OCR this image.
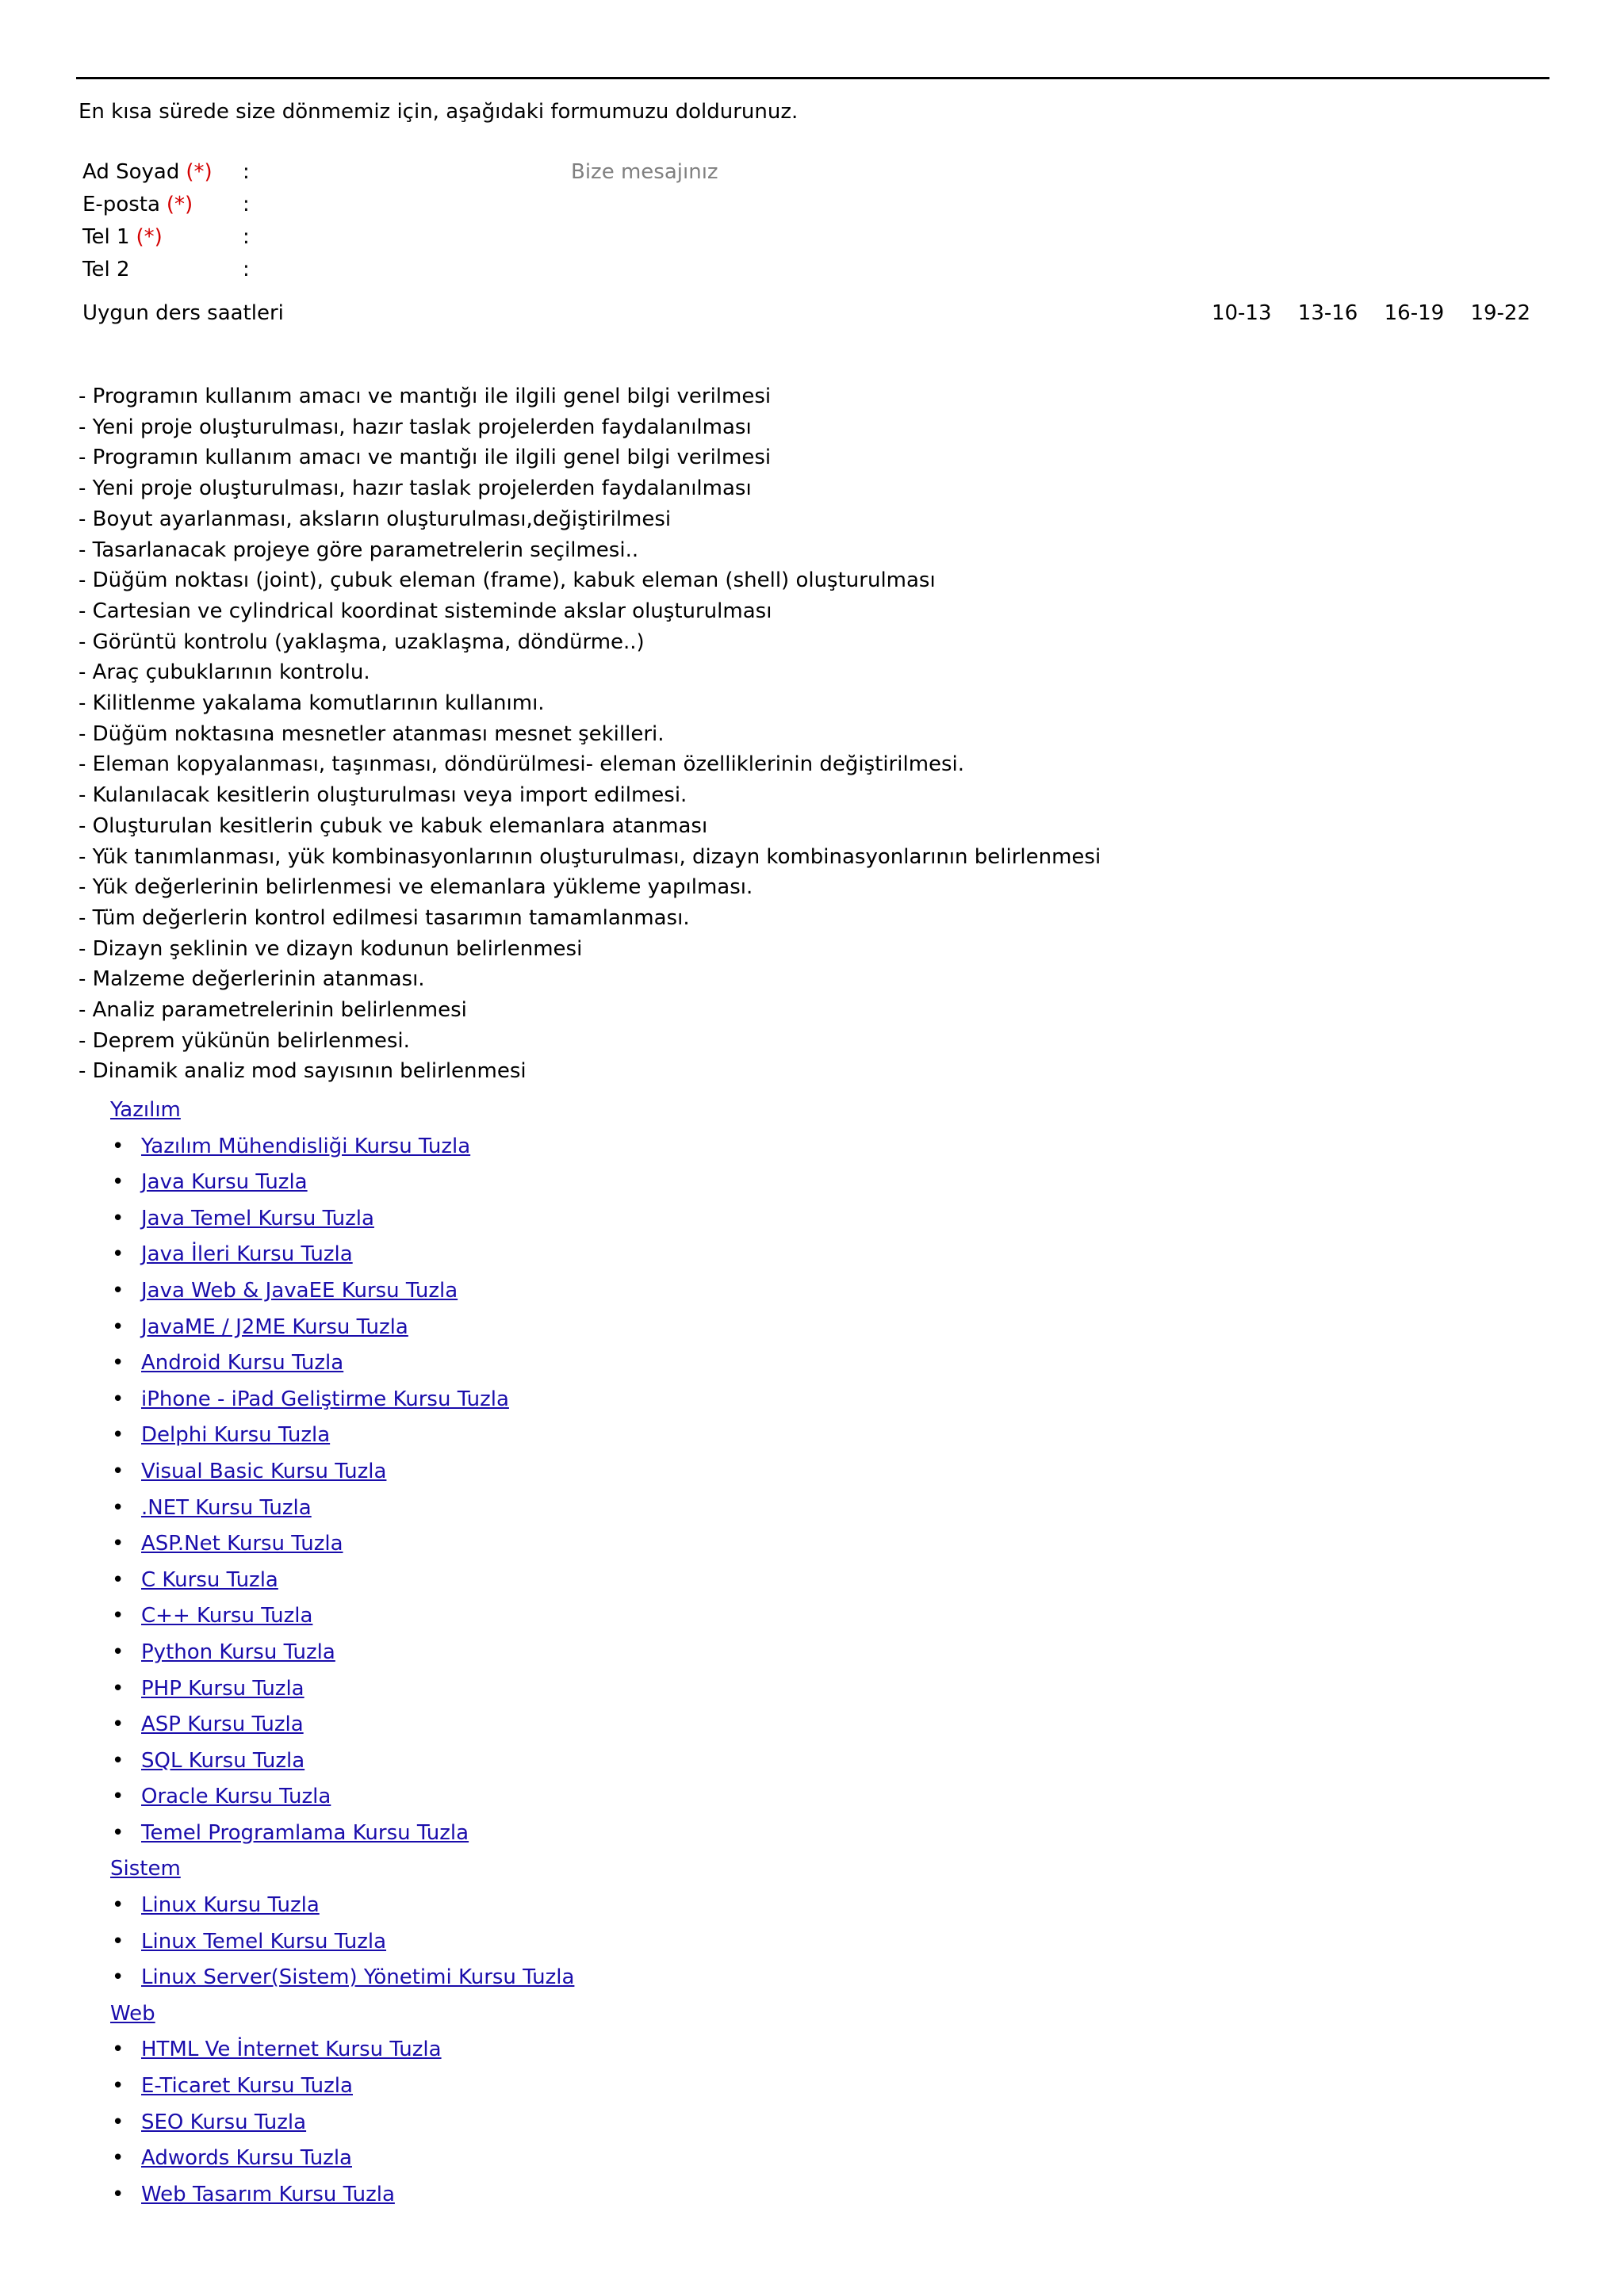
En kısa sürede size dönmemiz için, aşağıdaki formumuzu doldurunuz.

Ad Soyad (*) :
E-posta (*) :
Tel 1 (*)	:
Tel 2	:
Bize mesajınız
Uygun ders saatleri	10-13 13-16 16-19 19-22
- Programın kullanım amacı ve mantığı ile ilgili genel bilgi verilmesi
- Yeni proje oluşturulması, hazır taslak projelerden faydalanılması
- Programın kullanım amacı ve mantığı ile ilgili genel bilgi verilmesi
- Yeni proje oluşturulması, hazır taslak projelerden faydalanılması
- Boyut ayarlanması, aksların oluşturulması,değiştirilmesi
- Tasarlanacak projeye göre parametrelerin seçilmesi..
- Düğüm noktası (joint), çubuk eleman (frame), kabuk eleman (shell) oluşturulması
- Cartesian ve cylindrical koordinat sisteminde akslar oluşturulması
- Görüntü kontrolu (yaklaşma, uzaklaşma, döndürme..)
- Araç çubuklarının kontrolu.
- Kilitlenme yakalama komutlarının kullanımı.
- Düğüm noktasına mesnetler atanması mesnet şekilleri.
- Eleman kopyalanması, taşınması, döndürülmesi- eleman özelliklerinin değiştirilmesi.
- Kulanılacak kesitlerin oluşturulması veya import edilmesi.
- Oluşturulan kesitlerin çubuk ve kabuk elemanlara atanması
- Yük tanımlanması, yük kombinasyonlarının oluşturulması, dizayn kombinasyonlarının belirlenmesi
- Yük değerlerinin belirlenmesi ve elemanlara yükleme yapılması.
- Tüm değerlerin kontrol edilmesi tasarımın tamamlanması.
- Dizayn şeklinin ve dizayn kodunun belirlenmesi
- Malzeme değerlerinin atanması.
- Analiz parametrelerinin belirlenmesi
- Deprem yükünün belirlenmesi.
- Dinamik analiz mod sayısının belirlenmesi
Yazılım
• Yazılım Mühendisliği Kursu Tuzla
• Java Kursu Tuzla
• Java Temel Kursu Tuzla
• Java İleri Kursu Tuzla
• Java Web & JavaEE Kursu Tuzla
• JavaME / J2ME Kursu Tuzla
• Android Kursu Tuzla
• iPhone - iPad Geliştirme Kursu Tuzla
• Delphi Kursu Tuzla
• Visual Basic Kursu Tuzla
• .NET Kursu Tuzla
• ASP.Net Kursu Tuzla
• C Kursu Tuzla
• C++ Kursu Tuzla
• Python Kursu Tuzla
• PHP Kursu Tuzla
• ASP Kursu Tuzla
• SQL Kursu Tuzla
• Oracle Kursu Tuzla
• Temel Programlama Kursu Tuzla
Sistem
• Linux Kursu Tuzla
• Linux Temel Kursu Tuzla
• Linux Server(Sistem) Yönetimi Kursu Tuzla
Web
• HTML Ve İnternet Kursu Tuzla
• E-Ticaret Kursu Tuzla
• SEO Kursu Tuzla
• Adwords Kursu Tuzla
• Web Tasarım Kursu Tuzla
